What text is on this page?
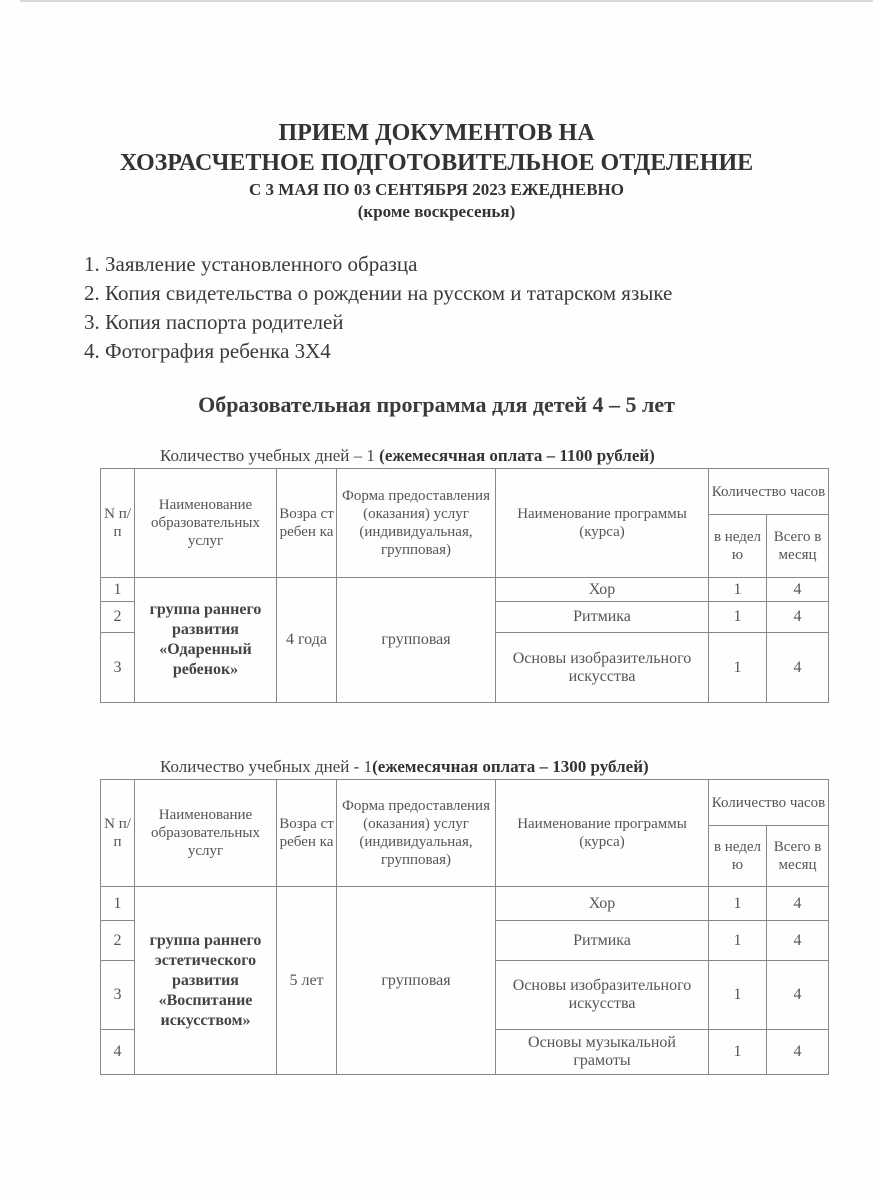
ПРИЕМ ДОКУМЕНТОВ НА
ХОЗРАСЧЕТНОЕ ПОДГОТОВИТЕЛЬНОЕ ОТДЕЛЕНИЕ
С 3 МАЯ ПО 03 СЕНТЯБРЯ 2023 ЕЖЕДНЕВНО
(кроме воскресенья)
1. Заявление установленного образца
2. Копия свидетельства о рождении на русском и татарском языке
3. Копия паспорта родителей
4. Фотография ребенка 3Х4
Образовательная программа для детей 4 – 5 лет
Количество учебных дней – 1 (ежемесячная оплата – 1100 рублей)
N п/ п	Наименование образовательных услуг	Возра ст ребен ка	Форма предоставления (оказания) услуг (индивидуальная, групповая)	Наименование программы (курса)	Количество часов	
					в недел ю	Всего в месяц
1	группа раннего развития «Одаренный ребенок»	4 года	групповая	Хор	1	4
2				Ритмика	1	4
3				Основы изобразительного искусства	1	4
Количество учебных дней - 1(ежемесячная оплата – 1300 рублей)
N п/ п	Наименование образовательных услуг	Возра ст ребен ка	Форма предоставления (оказания) услуг (индивидуальная, групповая)	Наименование программы (курса)	Количество часов	
					в недел ю	Всего в месяц
1	группа раннего эстетического развития «Воспитание искусством»	5 лет	групповая	Хор	1	4
2				Ритмика	1	4
3				Основы изобразительного искусства	1	4
4				Основы музыкальной грамоты	1	4
